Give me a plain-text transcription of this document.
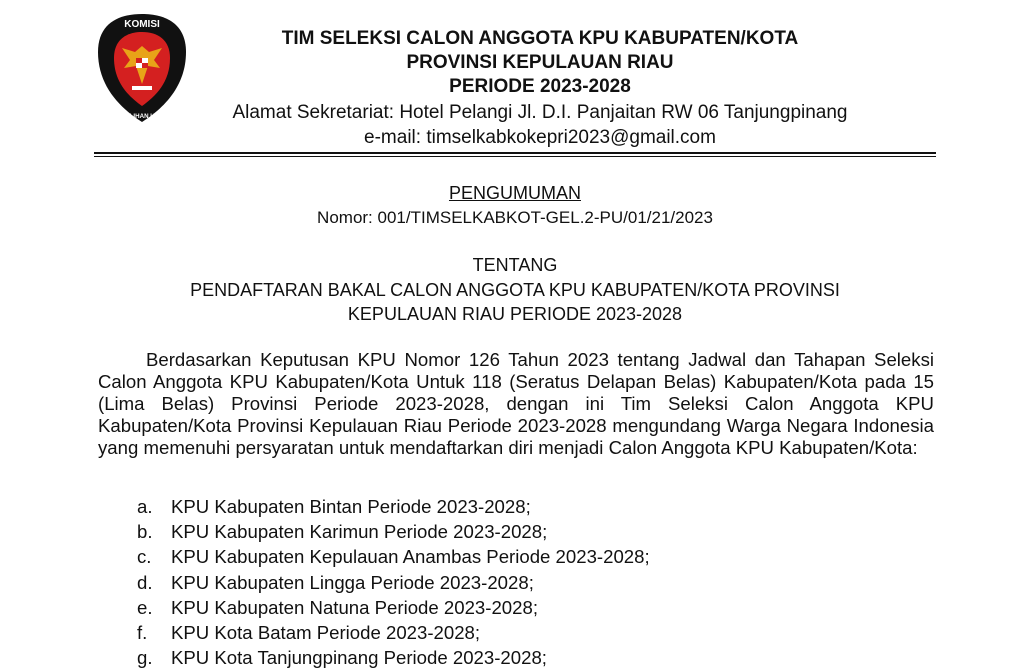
KOMISI
PEMILIHAN UMUM
TIM SELEKSI CALON ANGGOTA KPU KABUPATEN/KOTA
PROVINSI KEPULAUAN RIAU
PERIODE 2023-2028
Alamat Sekretariat: Hotel Pelangi Jl. D.I. Panjaitan RW 06 Tanjungpinang
e-mail: timselkabkokepri2023@gmail.com
PENGUMUMAN
Nomor: 001/TIMSELKABKOT-GEL.2-PU/01/21/2023
TENTANG
PENDAFTARAN BAKAL CALON ANGGOTA KPU KABUPATEN/KOTA PROVINSI
KEPULAUAN RIAU PERIODE 2023-2028
Berdasarkan Keputusan KPU Nomor 126 Tahun 2023 tentang Jadwal dan Tahapan Seleksi Calon Anggota KPU Kabupaten/Kota Untuk 118 (Seratus Delapan Belas) Kabupaten/Kota pada 15 (Lima Belas) Provinsi Periode 2023-2028, dengan ini Tim Seleksi Calon Anggota KPU Kabupaten/Kota Provinsi Kepulauan Riau Periode 2023-2028 mengundang Warga Negara Indonesia yang memenuhi persyaratan untuk mendaftarkan diri menjadi Calon Anggota KPU Kabupaten/Kota:
a. KPU Kabupaten Bintan Periode 2023-2028;
b. KPU Kabupaten Karimun Periode 2023-2028;
c.	KPU Kabupaten Kepulauan Anambas Periode 2023-2028;
d. KPU Kabupaten Lingga Periode 2023-2028;
e. KPU Kabupaten Natuna Periode 2023-2028;
f.	KPU Kota Batam Periode 2023-2028;
g. KPU Kota Tanjungpinang Periode 2023-2028;
